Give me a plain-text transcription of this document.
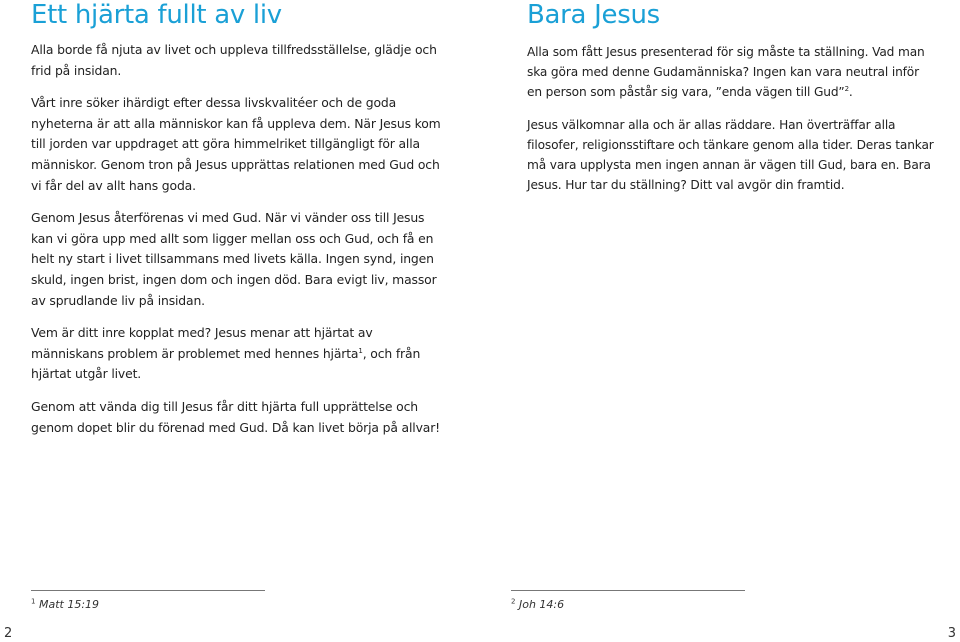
Ett hjärta fullt av liv

Alla borde få njuta av livet och uppleva tillfredsställelse, glädje och frid på insidan.

Vårt inre söker ihärdigt efter dessa livskvalitéer och de goda nyheterna är att alla människor kan få uppleva dem. När Jesus kom till jorden var uppdraget att göra himmelriket tillgängligt för alla människor. Genom tron på Jesus upprättas relationen med Gud och vi får del av allt hans goda.

Genom Jesus återförenas vi med Gud. När vi vänder oss till Jesus kan vi göra upp med allt som ligger mellan oss och Gud, och få en helt ny start i livet tillsammans med livets källa. Ingen synd, ingen skuld, ingen brist, ingen dom och ingen död. Bara evigt liv, massor av sprudlande liv på insidan.

Vem är ditt inre kopplat med? Jesus menar att hjärtat av människans problem är problemet med hennes hjärta$^1$, och från hjärtat utgår livet.

Genom att vända dig till Jesus får ditt hjärta full upprättelse och genom dopet blir du förenad med Gud. Då kan livet börja på allvar!

Bara Jesus

Alla som fått Jesus presenterad för sig måste ta ställning. Vad man ska göra med denne Gudamänniska? Ingen kan vara neutral inför en person som påstår sig vara, ”enda vägen till Gud”$^2$.

Jesus välkomnar alla och är allas räddare. Han överträffar alla filosofer, religionsstiftare och tänkare genom alla tider. Deras tankar må vara upplysta men ingen annan är vägen till Gud, bara en. Bara Jesus. Hur tar du ställning? Ditt val avgör din framtid.

$^1$ Matt 15:19	$^2$ Joh 14:6
2	3
